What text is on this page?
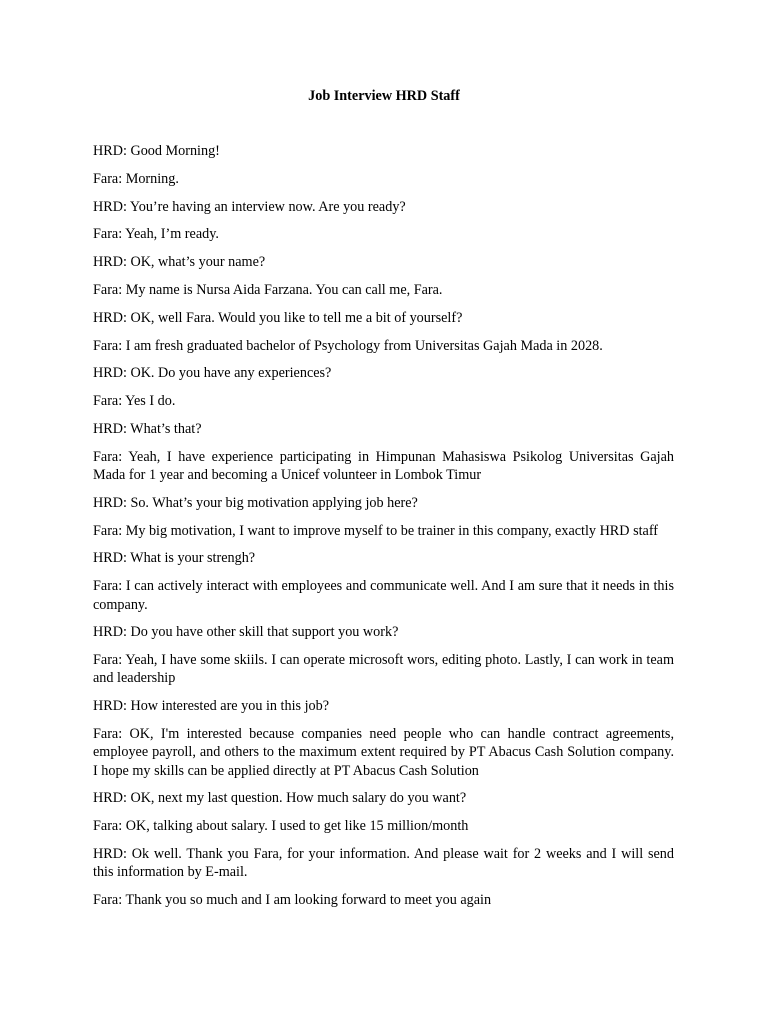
Job Interview HRD Staff

HRD: Good Morning!

Fara: Morning.

HRD: You’re having an interview now. Are you ready?

Fara: Yeah, I’m ready.

HRD: OK, what’s your name?

Fara: My name is Nursa Aida Farzana. You can call me, Fara.

HRD: OK, well Fara. Would you like to tell me a bit of yourself?

Fara: I am fresh graduated bachelor of Psychology from Universitas Gajah Mada in 2028.

HRD: OK. Do you have any experiences?

Fara: Yes I do.

HRD: What’s that?

Fara: Yeah, I have experience participating in Himpunan Mahasiswa Psikolog Universitas Gajah Mada for 1 year and becoming a Unicef volunteer in Lombok Timur

HRD: So. What’s your big motivation applying job here?

Fara: My big motivation, I want to improve myself to be trainer in this company, exactly HRD staff

HRD: What is your strengh?

Fara: I can actively interact with employees and communicate well. And I am sure that it needs in this company.

HRD: Do you have other skill that support you work?

Fara: Yeah, I have some skiils. I can operate microsoft wors, editing photo. Lastly, I can work in team and leadership

HRD: How interested are you in this job?

Fara: OK, I'm interested because companies need people who can handle contract agreements, employee payroll, and others to the maximum extent required by PT Abacus Cash Solution company. I hope my skills can be applied directly at PT Abacus Cash Solution

HRD: OK, next my last question. How much salary do you want?

Fara: OK, talking about salary. I used to get like 15 million/month

HRD: Ok well. Thank you Fara, for your information. And please wait for 2 weeks and I will send this information by E-mail.

Fara: Thank you so much and I am looking forward to meet you again
